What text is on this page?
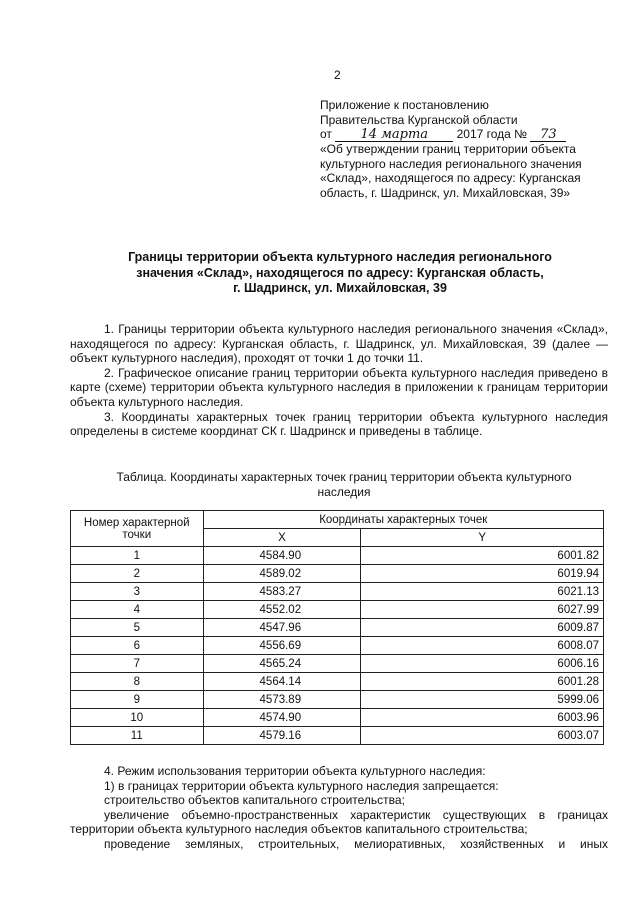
2
Приложение к постановлению
Правительства Курганской области
от 14 марта 2017 года № 73
«Об утверждении границ территории объекта
культурного наследия регионального значения
«Склад», находящегося по адресу: Курганская
область, г. Шадринск, ул. Михайловская, 39»
Границы территории объекта культурного наследия регионального
значения «Склад», находящегося по адресу: Курганская область,
г. Шадринск, ул. Михайловская, 39

1. Границы территории объекта культурного наследия регионального значения «Склад», находящегося по адресу: Курганская область, г. Шадринск, ул. Михайловская, 39 (далее — объект культурного наследия), проходят от точки 1 до точки 11.

2. Графическое описание границ территории объекта культурного наследия приведено в карте (схеме) территории объекта культурного наследия в приложении к границам территории объекта культурного наследия.

3. Координаты характерных точек границ территории объекта культурного наследия определены в системе координат СК г. Шадринск и приведены в таблице.

Таблица. Координаты характерных точек границ территории объекта культурного
наследия
Номер характерной точки	Координаты характерных точек	
	X	Y
1	4584.90	6001.82
2	4589.02	6019.94
3	4583.27	6021.13
4	4552.02	6027.99
5	4547.96	6009.87
6	4556.69	6008.07
7	4565.24	6006.16
8	4564.14	6001.28
9	4573.89	5999.06
10	4574.90	6003.96
11	4579.16	6003.07

4. Режим использования территории объекта культурного наследия:

1) в границах территории объекта культурного наследия запрещается:

строительство объектов капитального строительства;

увеличение объемно-пространственных характеристик существующих в границах территории объекта культурного наследия объектов капитального строительства;

проведение земляных, строительных, мелиоративных, хозяйственных и иных
